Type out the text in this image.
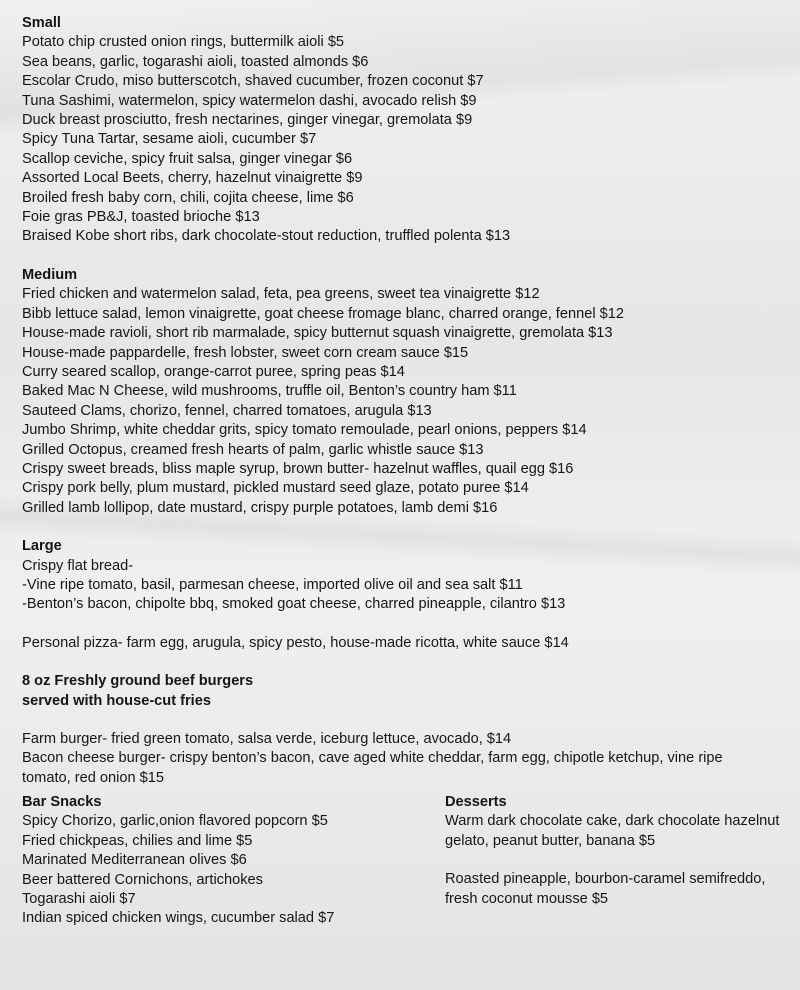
Small

Potato chip crusted onion rings, buttermilk aioli $5

Sea beans, garlic, togarashi aioli, toasted almonds $6

Escolar Crudo, miso butterscotch, shaved cucumber, frozen coconut $7

Tuna Sashimi, watermelon, spicy watermelon dashi, avocado relish $9

Duck breast prosciutto, fresh nectarines, ginger vinegar, gremolata $9

Spicy Tuna Tartar, sesame aioli, cucumber $7

Scallop ceviche, spicy fruit salsa, ginger vinegar $6

Assorted Local Beets, cherry, hazelnut vinaigrette $9

Broiled fresh baby corn, chili, cojita cheese, lime $6

Foie gras PB&J, toasted brioche $13

Braised Kobe short ribs, dark chocolate-stout reduction, truffled polenta $13

Medium

Fried chicken and watermelon salad, feta, pea greens, sweet tea vinaigrette $12

Bibb lettuce salad, lemon vinaigrette, goat cheese fromage blanc, charred orange, fennel $12

House-made ravioli, short rib marmalade, spicy butternut squash vinaigrette, gremolata $13

House-made pappardelle, fresh lobster, sweet corn cream sauce $15

Curry seared scallop, orange-carrot puree, spring peas $14

Baked Mac N Cheese, wild mushrooms, truffle oil, Benton’s country ham $11

Sauteed Clams, chorizo, fennel, charred tomatoes, arugula $13

Jumbo Shrimp, white cheddar grits, spicy tomato remoulade, pearl onions, peppers $14

Grilled Octopus, creamed fresh hearts of palm, garlic whistle sauce $13

Crispy sweet breads, bliss maple syrup, brown butter- hazelnut waffles, quail egg $16

Crispy pork belly, plum mustard, pickled mustard seed glaze, potato puree $14

Grilled lamb lollipop, date mustard, crispy purple potatoes, lamb demi $16

Large

Crispy flat bread-

-Vine ripe tomato, basil, parmesan cheese, imported olive oil and sea salt $11

-Benton’s bacon, chipolte bbq, smoked goat cheese, charred pineapple, cilantro $13

Personal pizza- farm egg, arugula, spicy pesto, house-made ricotta, white sauce $14

8 oz Freshly ground beef burgers

served with house-cut fries

Farm burger- fried green tomato, salsa verde, iceburg lettuce, avocado, $14

Bacon cheese burger- crispy benton’s bacon, cave aged white cheddar, farm egg, chipotle ketchup, vine ripe tomato, red onion $15

Bar Snacks

Spicy Chorizo, garlic,onion flavored popcorn $5

Fried chickpeas, chilies and lime $5

Marinated Mediterranean olives $6

Beer battered Cornichons, artichokes

Togarashi aioli $7

Indian spiced chicken wings, cucumber salad $7

Desserts

Warm dark chocolate cake, dark chocolate hazelnut gelato, peanut butter, banana $5

Roasted pineapple, bourbon-caramel semifreddo, fresh coconut mousse $5
